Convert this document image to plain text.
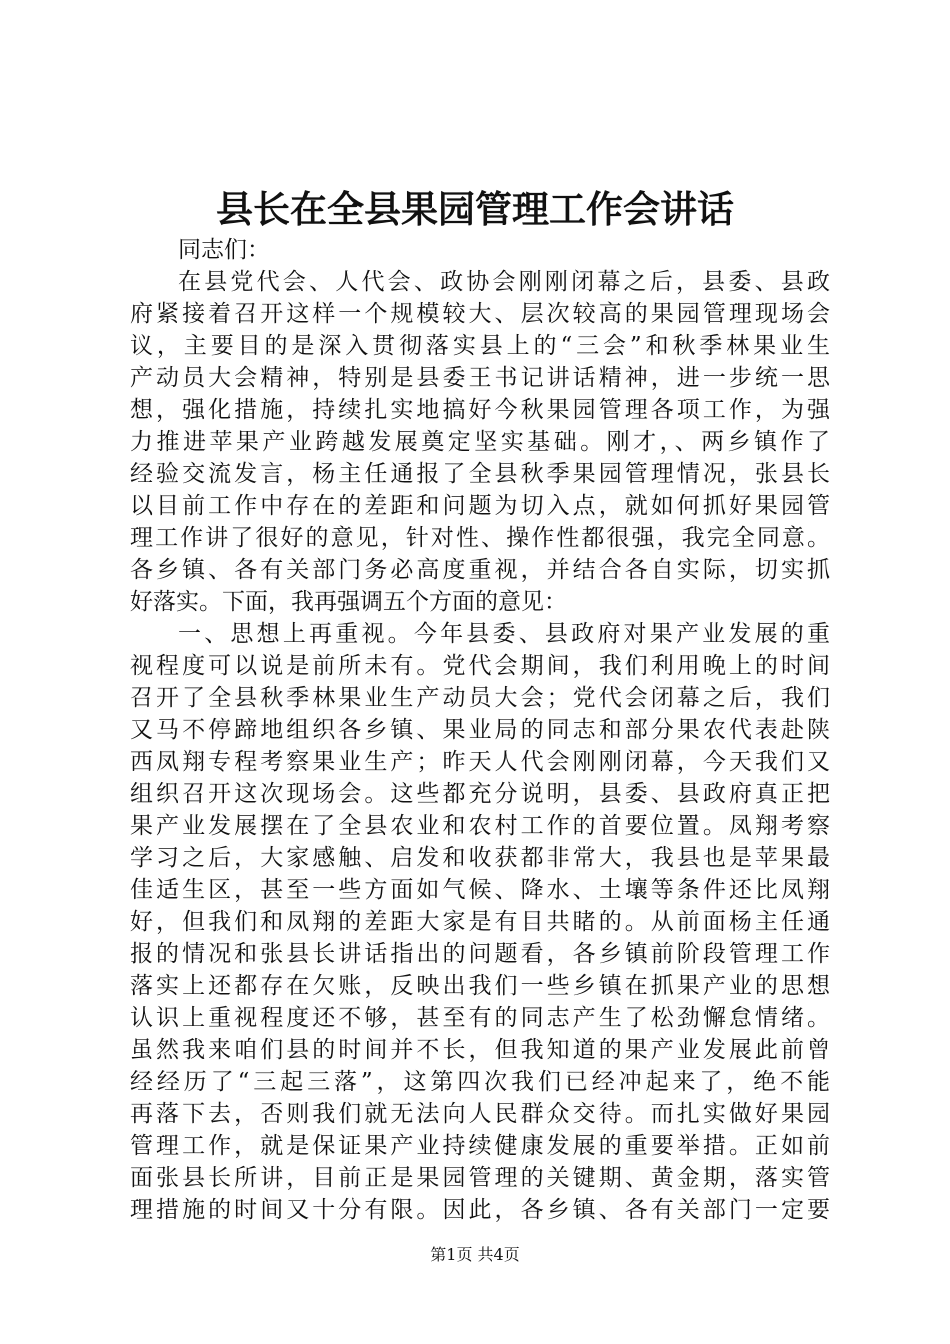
县长在全县果园管理工作会讲话
同志们：
在县党代会、人代会、政协会刚刚闭幕之后，县委、县政
府紧接着召开这样一个规模较大、层次较高的果园管理现场会
议，主要目的是深入贯彻落实县上的“三会”和秋季林果业生
产动员大会精神，特别是县委王书记讲话精神，进一步统一思
想，强化措施，持续扎实地搞好今秋果园管理各项工作，为强
力推进苹果产业跨越发展奠定坚实基础。刚才，、两乡镇作了
经验交流发言，杨主任通报了全县秋季果园管理情况，张县长
以目前工作中存在的差距和问题为切入点，就如何抓好果园管
理工作讲了很好的意见，针对性、操作性都很强，我完全同意。
各乡镇、各有关部门务必高度重视，并结合各自实际，切实抓
好落实。下面，我再强调五个方面的意见：
一、思想上再重视。今年县委、县政府对果产业发展的重
视程度可以说是前所未有。党代会期间，我们利用晚上的时间
召开了全县秋季林果业生产动员大会；党代会闭幕之后，我们
又马不停蹄地组织各乡镇、果业局的同志和部分果农代表赴陕
西凤翔专程考察果业生产；昨天人代会刚刚闭幕，今天我们又
组织召开这次现场会。这些都充分说明，县委、县政府真正把
果产业发展摆在了全县农业和农村工作的首要位置。凤翔考察
学习之后，大家感触、启发和收获都非常大，我县也是苹果最
佳适生区，甚至一些方面如气候、降水、土壤等条件还比凤翔
好，但我们和凤翔的差距大家是有目共睹的。从前面杨主任通
报的情况和张县长讲话指出的问题看，各乡镇前阶段管理工作
落实上还都存在欠账，反映出我们一些乡镇在抓果产业的思想
认识上重视程度还不够，甚至有的同志产生了松劲懈怠情绪。
虽然我来咱们县的时间并不长，但我知道的果产业发展此前曾
经经历了“三起三落”，这第四次我们已经冲起来了，绝不能
再落下去，否则我们就无法向人民群众交待。而扎实做好果园
管理工作，就是保证果产业持续健康发展的重要举措。正如前
面张县长所讲，目前正是果园管理的关键期、黄金期，落实管
理措施的时间又十分有限。因此，各乡镇、各有关部门一定要
第1页 共4页
